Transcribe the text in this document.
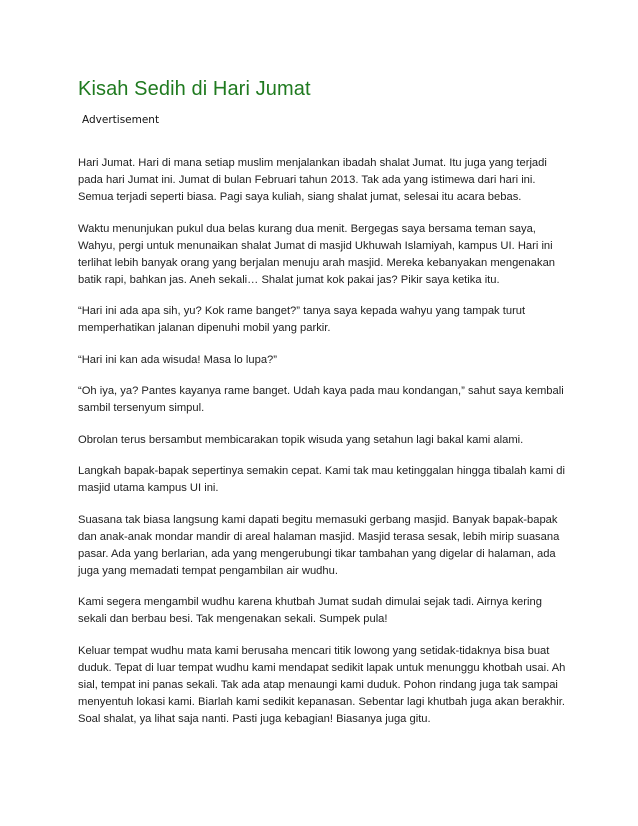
Kisah Sedih di Hari Jumat
Advertisement

Hari Jumat. Hari di mana setiap muslim menjalankan ibadah shalat Jumat. Itu juga yang terjadi pada hari Jumat ini. Jumat di bulan Februari tahun 2013. Tak ada yang istimewa dari hari ini. Semua terjadi seperti biasa. Pagi saya kuliah, siang shalat jumat, selesai itu acara bebas.

Waktu menunjukan pukul dua belas kurang dua menit. Bergegas saya bersama teman saya, Wahyu, pergi untuk menunaikan shalat Jumat di masjid Ukhuwah Islamiyah, kampus UI. Hari ini terlihat lebih banyak orang yang berjalan menuju arah masjid. Mereka kebanyakan mengenakan batik rapi, bahkan jas. Aneh sekali… Shalat jumat kok pakai jas? Pikir saya ketika itu.

“Hari ini ada apa sih, yu? Kok rame banget?” tanya saya kepada wahyu yang tampak turut memperhatikan jalanan dipenuhi mobil yang parkir.

“Hari ini kan ada wisuda! Masa lo lupa?”

“Oh iya, ya? Pantes kayanya rame banget. Udah kaya pada mau kondangan,” sahut saya kembali sambil tersenyum simpul.

Obrolan terus bersambut membicarakan topik wisuda yang setahun lagi bakal kami alami.

Langkah bapak-bapak sepertinya semakin cepat. Kami tak mau ketinggalan hingga tibalah kami di masjid utama kampus UI ini.

Suasana tak biasa langsung kami dapati begitu memasuki gerbang masjid. Banyak bapak-bapak dan anak-anak mondar mandir di areal halaman masjid. Masjid terasa sesak, lebih mirip suasana pasar. Ada yang berlarian, ada yang mengerubungi tikar tambahan yang digelar di halaman, ada juga yang memadati tempat pengambilan air wudhu.

Kami segera mengambil wudhu karena khutbah Jumat sudah dimulai sejak tadi. Airnya kering sekali dan berbau besi. Tak mengenakan sekali. Sumpek pula!

Keluar tempat wudhu mata kami berusaha mencari titik lowong yang setidak-tidaknya bisa buat duduk. Tepat di luar tempat wudhu kami mendapat sedikit lapak untuk menunggu khotbah usai. Ah sial, tempat ini panas sekali. Tak ada atap menaungi kami duduk. Pohon rindang juga tak sampai menyentuh lokasi kami. Biarlah kami sedikit kepanasan. Sebentar lagi khutbah juga akan berakhir. Soal shalat, ya lihat saja nanti. Pasti juga kebagian! Biasanya juga gitu.
